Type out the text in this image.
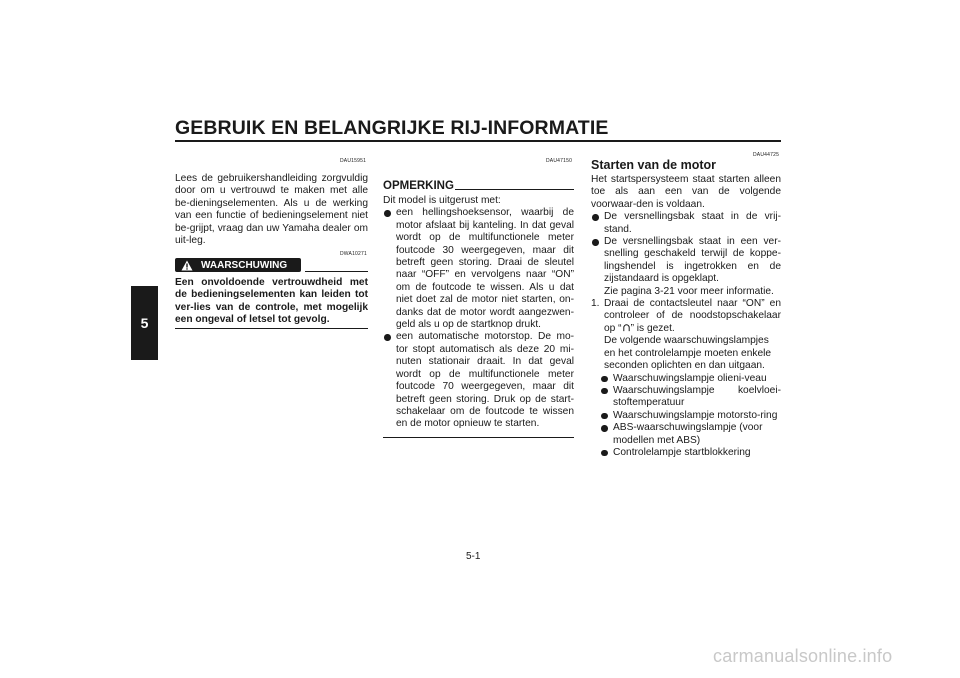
GEBRUIK EN BELANGRIJKE RIJ-INFORMATIE
5
DAU15951

Lees de gebruikershandleiding zorgvuldig door om u vertrouwd te maken met alle be-dieningselementen. Als u de werking van een functie of bedieningselement niet be-grijpt, vraag dan uw Yamaha dealer om uit-leg.

DWA10271
WAARSCHUWING
Een onvoldoende vertrouwdheid met de bedieningselementen kan leiden tot ver-lies van de controle, met mogelijk een ongeval of letsel tot gevolg.
DAU47150
OPMERKING

Dit model is uitgerust met:

een hellingshoeksensor, waarbij de motor afslaat bij kanteling. In dat geval wordt op de multifunctionele meter foutcode 30 weergegeven, maar dit betreft geen storing. Draai de sleutel naar “OFF” en vervolgens naar “ON” om de foutcode te wissen. Als u dat niet doet zal de motor niet starten, on-danks dat de motor wordt aangezwen-geld als u op de startknop drukt.

een automatische motorstop. De mo-tor stopt automatisch als deze 20 mi-nuten stationair draait. In dat geval wordt op de multifunctionele meter foutcode 70 weergegeven, maar dit betreft geen storing. Druk op de start-schakelaar om de foutcode te wissen en de motor opnieuw te starten.

DAU44725
Starten van de motor

Het startspersysteem staat starten alleen toe als aan een van de volgende voorwaar-den is voldaan.

De versnellingsbak staat in de vrij-stand.

De versnellingsbak staat in een ver-snelling geschakeld terwijl de koppe-lingshendel is ingetrokken en de zijstandaard is opgeklapt.

Zie pagina 3-21 voor meer informatie.

1. Draai de contactsleutel naar “ON” en controleer of de noodstopschakelaar op “ ” is gezet.

De volgende waarschuwingslampjes en het controlelampje moeten enkele seconden oplichten en dan uitgaan.

Waarschuwingslampje olieni-veau

Waarschuwingslampje koelvloei-stoftemperatuur

Waarschuwingslampje motorsto-ring

ABS-waarschuwingslampje (voor modellen met ABS)

Controlelampje startblokkering

5-1
carmanualsonline.info
